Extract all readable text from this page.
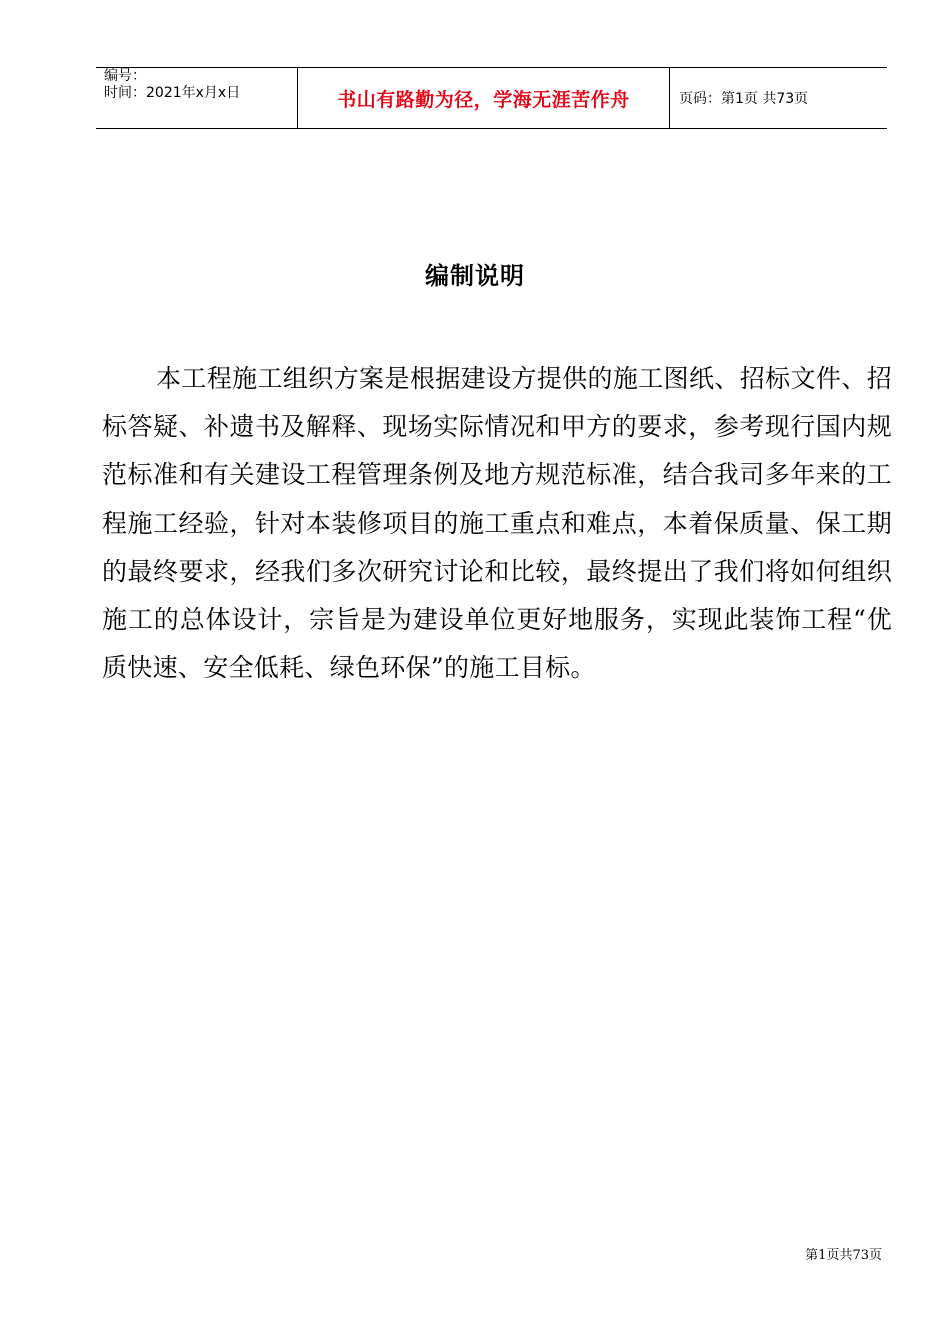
编号：
时间：2021年x月x日	书山有路勤为径，学海无涯苦作舟	页码：第1页 共73页
编制说明

本工程施工组织方案是根据建设方提供的施工图纸、招标文件、招标答疑、补遗书及解释、现场实际情况和甲方的要求，参考现行国内规范标准和有关建设工程管理条例及地方规范标准，结合我司多年来的工程施工经验，针对本装修项目的施工重点和难点，本着保质量、保工期的最终要求，经我们多次研究讨论和比较，最终提出了我们将如何组织施工的总体设计，宗旨是为建设单位更好地服务，实现此装饰工程“优质快速、安全低耗、绿色环保”的施工目标。

第1页共73页
